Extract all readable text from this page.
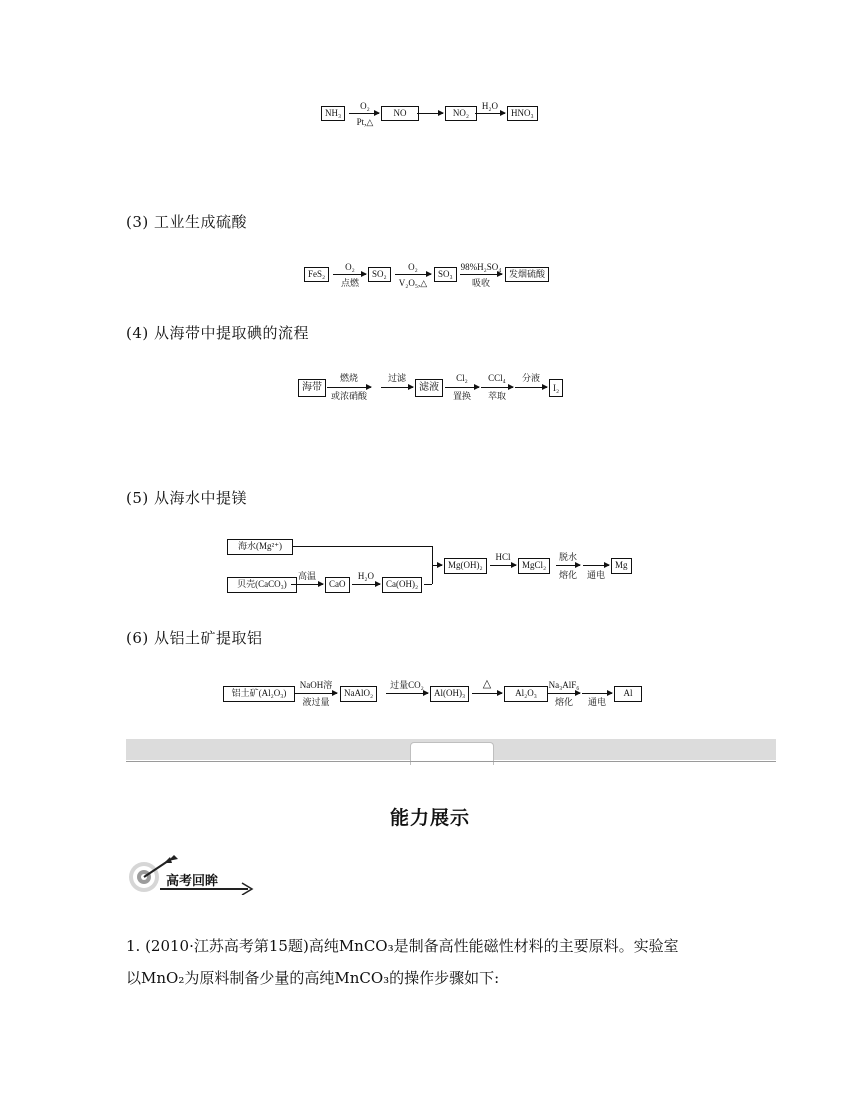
NH₃
O₂
Pt,△
NO	NO₂
H₂O
HNO₃
(3) 工业生成硫酸
FeS₂
O₂
点燃
SO₂
O₂
V₂O₅,△
SO₃
98%H₂SO₄
吸收
发烟硫酸
(4) 从海带中提取碘的流程
海带
燃烧
或浓硝酸
过滤
滤液
Cl₂
置换
CCl₄
萃取
分液
I₂
(5) 从海水中提镁
海水(Mg²⁺)
贝壳(CaCO₃)
高温
CaO
H₂O
Ca(OH)₂
Mg(OH)₂
HCl
MgCl₂
脱水
熔化	通电
Mg
(6) 从铝土矿提取铝
铝土矿(Al₂O₃)
NaOH溶
液过量
NaAlO₂
过量CO₂
Al(OH)₃
△
Al₂O₃
Na₃AlF₆
熔化	通电
Al
能力展示
高考回眸
1. (2010·江苏高考第15题)高纯MnCO₃是制备高性能磁性材料的主要原料。实验室
以MnO₂为原料制备少量的高纯MnCO₃的操作步骤如下:
